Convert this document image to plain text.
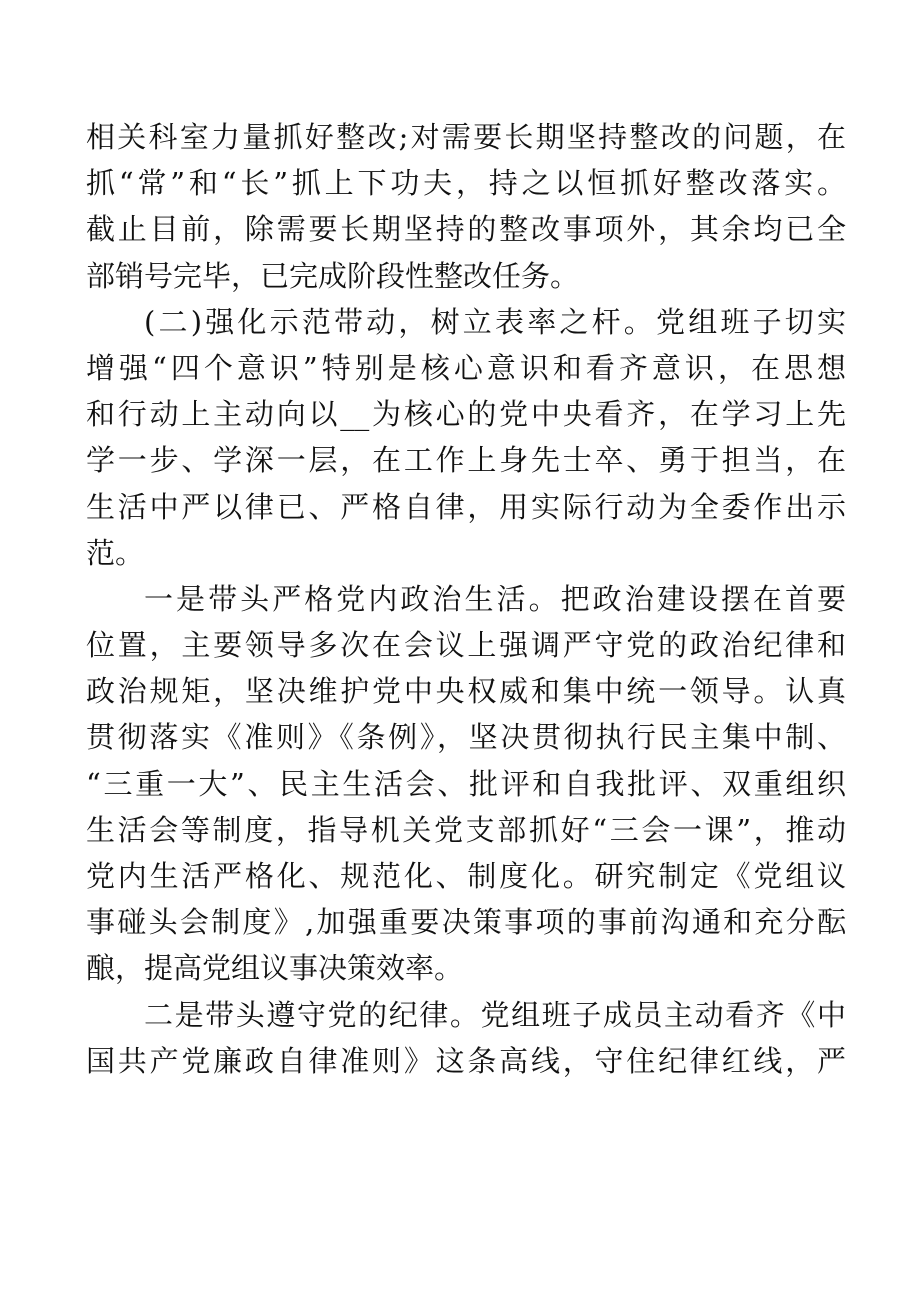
相关科室力量抓好整改;对需要长期坚持整改的问题，在
抓“常”和“长”抓上下功夫，持之以恒抓好整改落实。
截止目前，除需要长期坚持的整改事项外，其余均已全
部销号完毕，已完成阶段性整改任务。
(二)强化示范带动，树立表率之杆。党组班子切实
增强“四个意识”特别是核心意识和看齐意识，在思想
和行动上主动向以__为核心的党中央看齐，在学习上先
学一步、学深一层，在工作上身先士卒、勇于担当，在
生活中严以律已、严格自律，用实际行动为全委作出示
范。
一是带头严格党内政治生活。把政治建设摆在首要
位置，主要领导多次在会议上强调严守党的政治纪律和
政治规矩，坚决维护党中央权威和集中统一领导。认真
贯彻落实《准则》《条例》，坚决贯彻执行民主集中制、
“三重一大”、民主生活会、批评和自我批评、双重组织
生活会等制度，指导机关党支部抓好“三会一课”，推动
党内生活严格化、规范化、制度化。研究制定《党组议
事碰头会制度》,加强重要决策事项的事前沟通和充分酝
酿，提高党组议事决策效率。
二是带头遵守党的纪律。党组班子成员主动看齐《中
国共产党廉政自律准则》这条高线，守住纪律红线，严
